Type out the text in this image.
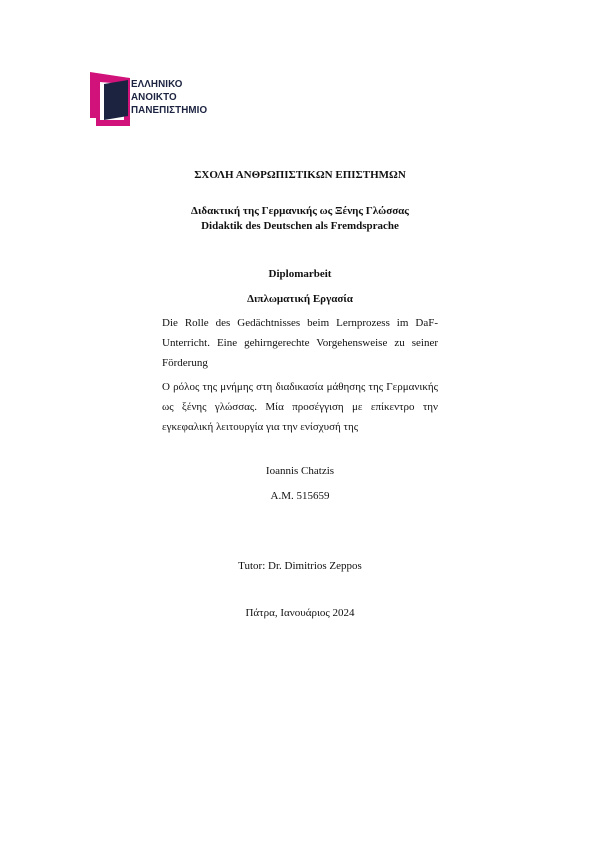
ΕΛΛΗΝΙΚΟ
ΑΝΟΙΚΤΟ
ΠΑΝΕΠΙΣΤΗΜΙΟ
ΣΧΟΛΗ ΑΝΘΡΩΠΙΣΤΙΚΩΝ ΕΠΙΣΤΗΜΩΝ
Διδακτική της Γερμανικής ως Ξένης Γλώσσας
Didaktik des Deutschen als Fremdsprache
Diplomarbeit
Διπλωματική Εργασία
Die Rolle des Gedächtnisses beim Lernprozess im DaF-Unterricht. Eine gehirngerechte Vorgehensweise zu seiner Förderung
Ο ρόλος της μνήμης στη διαδικασία μάθησης της Γερμανικής ως ξένης γλώσσας. Μία προσέγγιση με επίκεντρο την εγκεφαλική λειτουργία για την ενίσχυσή της
Ioannis Chatzis
A.M. 515659
Tutor: Dr. Dimitrios Zeppos
Πάτρα, Ιανουάριος 2024
